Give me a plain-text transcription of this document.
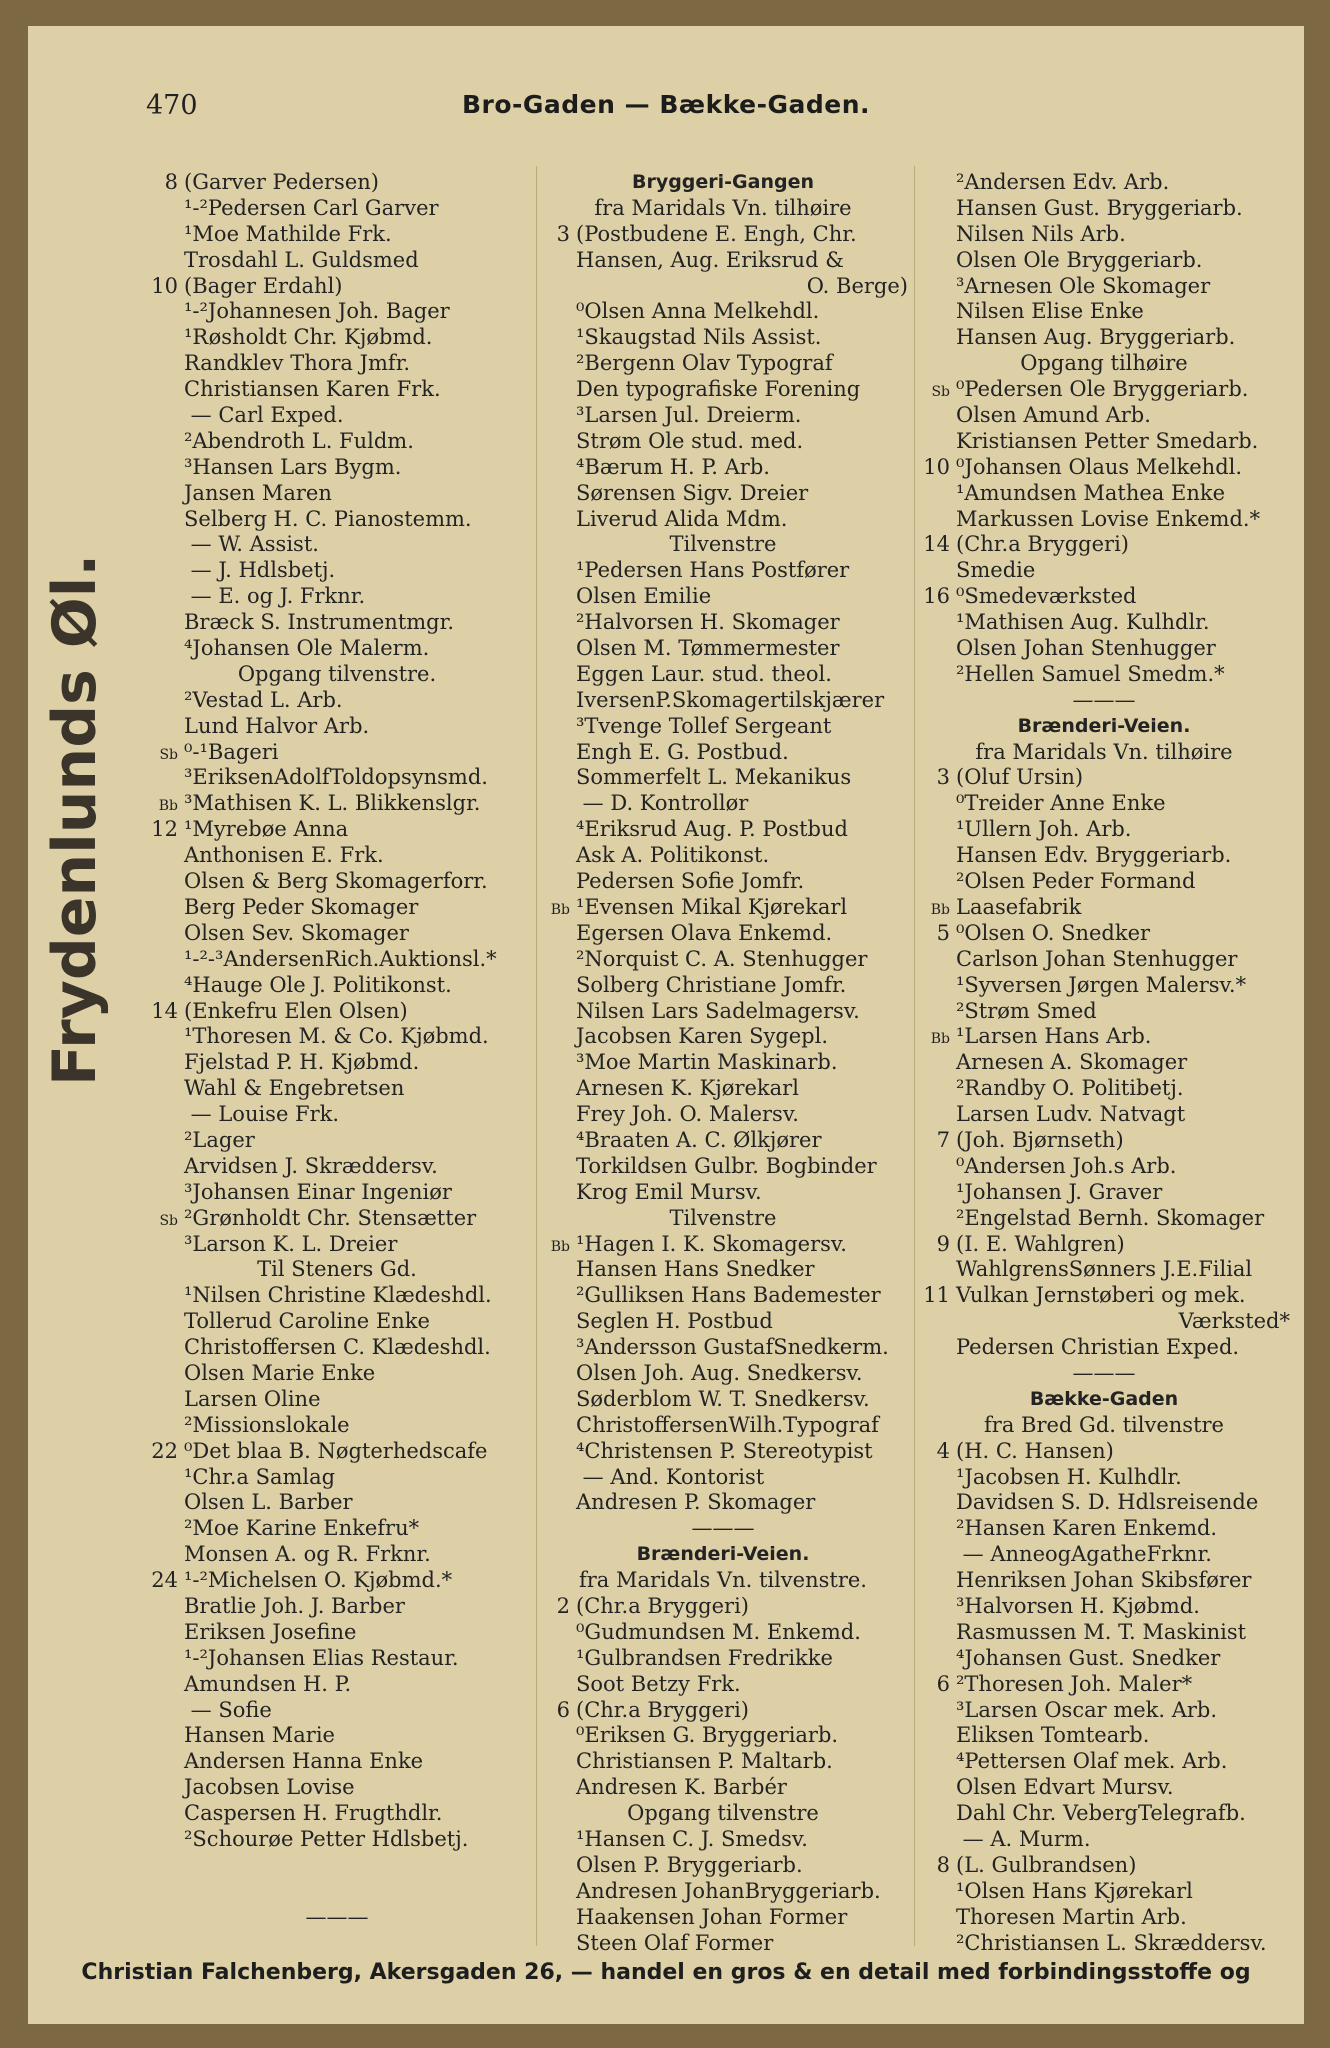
470	Bro-Gaden — Bække-Gaden.
Frydenlunds Øl.
8 (Garver Pedersen)
¹-²Pedersen Carl Garver
¹Moe Mathilde Frk.
Trosdahl L. Guldsmed
10 (Bager Erdahl)
¹-²Johannesen Joh. Bager
¹Røsholdt Chr. Kjøbmd.
Randklev Thora Jmfr.
Christiansen Karen Frk.
— Carl Exped.
²Abendroth L. Fuldm.
³Hansen Lars Bygm.
Jansen Maren
Selberg H. C. Pianostemm.
— W. Assist.
— J. Hdlsbetj.
— E. og J. Frknr.
Bræck S. Instrumentmgr.
⁴Johansen Ole Malerm.
Opgang tilvenstre.
²Vestad L. Arb.
Lund Halvor Arb.
Sb ⁰-¹Bageri
³EriksenAdolfToldopsynsmd.
Bb ³Mathisen K. L. Blikkenslgr.
12 ¹Myrebøe Anna
Anthonisen E. Frk.
Olsen & Berg Skomagerforr.
Berg Peder Skomager
Olsen Sev. Skomager
¹-²-³AndersenRich.Auktionsl.*
⁴Hauge Ole J. Politikonst.
14 (Enkefru Elen Olsen)
¹Thoresen M. & Co. Kjøbmd.
Fjelstad P. H. Kjøbmd.
Wahl & Engebretsen
— Louise Frk.
²Lager
Arvidsen J. Skræddersv.
³Johansen Einar Ingeniør
Sb ²Grønholdt Chr. Stensætter
³Larson K. L. Dreier
Til Steners Gd.
¹Nilsen Christine Klædeshdl.
Tollerud Caroline Enke
Christoffersen C. Klædeshdl.
Olsen Marie Enke
Larsen Oline
²Missionslokale
22 ⁰Det blaa B. Nøgterhedscafe
¹Chr.a Samlag
Olsen L. Barber
²Moe Karine Enkefru*
Monsen A. og R. Frknr.
24 ¹-²Michelsen O. Kjøbmd.*
Bratlie Joh. J. Barber
Eriksen Josefine
¹-²Johansen Elias Restaur.
Amundsen H. P.
— Sofie
Hansen Marie
Andersen Hanna Enke
Jacobsen Lovise
Caspersen H. Frugthdlr.
²Schourøe Petter Hdlsbetj.
———
Bryggeri-Gangen
fra Maridals Vn. tilhøire
3 (Postbudene E. Engh, Chr.
Hansen, Aug. Eriksrud &
O. Berge)
⁰Olsen Anna Melkehdl.
¹Skaugstad Nils Assist.
²Bergenn Olav Typograf
Den typografiske Forening
³Larsen Jul. Dreierm.
Strøm Ole stud. med.
⁴Bærum H. P. Arb.
Sørensen Sigv. Dreier
Liverud Alida Mdm.
Tilvenstre
¹Pedersen Hans Postfører
Olsen Emilie
²Halvorsen H. Skomager
Olsen M. Tømmermester
Eggen Laur. stud. theol.
IversenP.Skomagertilskjærer
³Tvenge Tollef Sergeant
Engh E. G. Postbud.
Sommerfelt L. Mekanikus
— D. Kontrollør
⁴Eriksrud Aug. P. Postbud
Ask A. Politikonst.
Pedersen Sofie Jomfr.
Bb ¹Evensen Mikal Kjørekarl
Egersen Olava Enkemd.
²Norquist C. A. Stenhugger
Solberg Christiane Jomfr.
Nilsen Lars Sadelmagersv.
Jacobsen Karen Sygepl.
³Moe Martin Maskinarb.
Arnesen K. Kjørekarl
Frey Joh. O. Malersv.
⁴Braaten A. C. Ølkjører
Torkildsen Gulbr. Bogbinder
Krog Emil Mursv.
Tilvenstre
Bb ¹Hagen I. K. Skomagersv.
Hansen Hans Snedker
²Gulliksen Hans Bademester
Seglen H. Postbud
³Andersson GustafSnedkerm.
Olsen Joh. Aug. Snedkersv.
Søderblom W. T. Snedkersv.
ChristoffersenWilh.Typograf
⁴Christensen P. Stereotypist
— And. Kontorist
Andresen P. Skomager
———
Brænderi-Veien.
fra Maridals Vn. tilvenstre.
2 (Chr.a Bryggeri)
⁰Gudmundsen M. Enkemd.
¹Gulbrandsen Fredrikke
Soot Betzy Frk.
6 (Chr.a Bryggeri)
⁰Eriksen G. Bryggeriarb.
Christiansen P. Maltarb.
Andresen K. Barbér
Opgang tilvenstre
¹Hansen C. J. Smedsv.
Olsen P. Bryggeriarb.
Andresen JohanBryggeriarb.
Haakensen Johan Former
Steen Olaf Former
²Andersen Edv. Arb.
Hansen Gust. Bryggeriarb.
Nilsen Nils Arb.
Olsen Ole Bryggeriarb.
³Arnesen Ole Skomager
Nilsen Elise Enke
Hansen Aug. Bryggeriarb.
Opgang tilhøire
Sb ⁰Pedersen Ole Bryggeriarb.
Olsen Amund Arb.
Kristiansen Petter Smedarb.
10 ⁰Johansen Olaus Melkehdl.
¹Amundsen Mathea Enke
Markussen Lovise Enkemd.*
14 (Chr.a Bryggeri)
Smedie
16 ⁰Smedeværksted
¹Mathisen Aug. Kulhdlr.
Olsen Johan Stenhugger
²Hellen Samuel Smedm.*
———
Brænderi-Veien.
fra Maridals Vn. tilhøire
3 (Oluf Ursin)
⁰Treider Anne Enke
¹Ullern Joh. Arb.
Hansen Edv. Bryggeriarb.
²Olsen Peder Formand
Bb Laasefabrik
5 ⁰Olsen O. Snedker
Carlson Johan Stenhugger
¹Syversen Jørgen Malersv.*
²Strøm Smed
Bb ¹Larsen Hans Arb.
Arnesen A. Skomager
²Randby O. Politibetj.
Larsen Ludv. Natvagt
7 (Joh. Bjørnseth)
⁰Andersen Joh.s Arb.
¹Johansen J. Graver
²Engelstad Bernh. Skomager
9 (I. E. Wahlgren)
WahlgrensSønners J.E.Filial
11 Vulkan Jernstøberi og mek.
Værksted*
Pedersen Christian Exped.
———
Bække-Gaden
fra Bred Gd. tilvenstre
4 (H. C. Hansen)
¹Jacobsen H. Kulhdlr.
Davidsen S. D. Hdlsreisende
²Hansen Karen Enkemd.
— AnneogAgatheFrknr.
Henriksen Johan Skibsfører
³Halvorsen H. Kjøbmd.
Rasmussen M. T. Maskinist
⁴Johansen Gust. Snedker
6 ²Thoresen Joh. Maler*
³Larsen Oscar mek. Arb.
Eliksen Tomtearb.
⁴Pettersen Olaf mek. Arb.
Olsen Edvart Mursv.
Dahl Chr. VebergTelegrafb.
— A. Murm.
8 (L. Gulbrandsen)
¹Olsen Hans Kjørekarl
Thoresen Martin Arb.
²Christiansen L. Skræddersv.
Christian Falchenberg, Akersgaden 26, — handel en gros & en detail med forbindingsstoffe og
